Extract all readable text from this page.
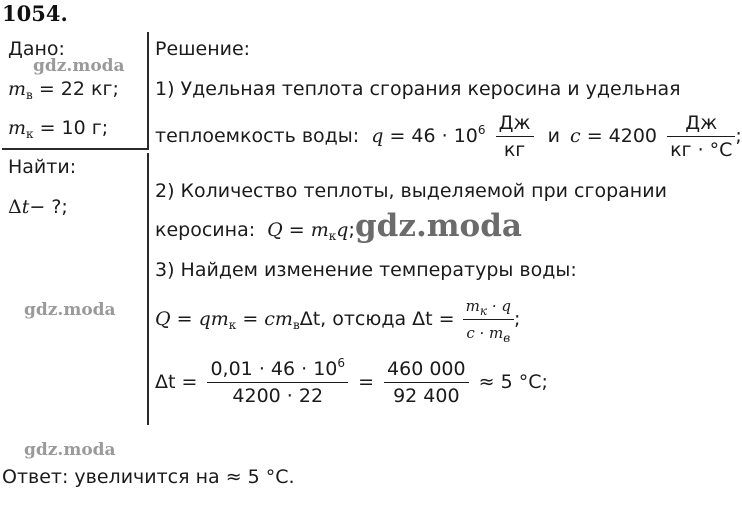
1054.
Дано:
$m_в = 22$ кг;
$m_к = 10$ г;
Найти:
Δt− ?;
Решение:
1) Удельная теплота сгорания керосина и удельная
теплоемкость воды: $q = 46 \cdot 10^6 \frac{Дж}{кг}$ и $c = 4200 \frac{Дж}{кг \cdot ^\circ C}$ ;
2) Количество теплоты, выделяемой при сгорании
керосина: $Q = m_кq$;
3) Найдем изменение температуры воды:
$Q = qm_к = cm_в\Delta t$, отсюда $\Delta t = \frac{m_к \cdot q}{c \cdot m_в}$ ;
$\Delta t = \frac{0,01 \cdot 46 \cdot 10^6}{4200 \cdot 22} = \frac{460 000}{92 400} \approx 5$ °C;
Ответ: увеличится на ≈ 5 °C.
gdz.moda
gdz.moda
gdz.moda
gdz.moda
